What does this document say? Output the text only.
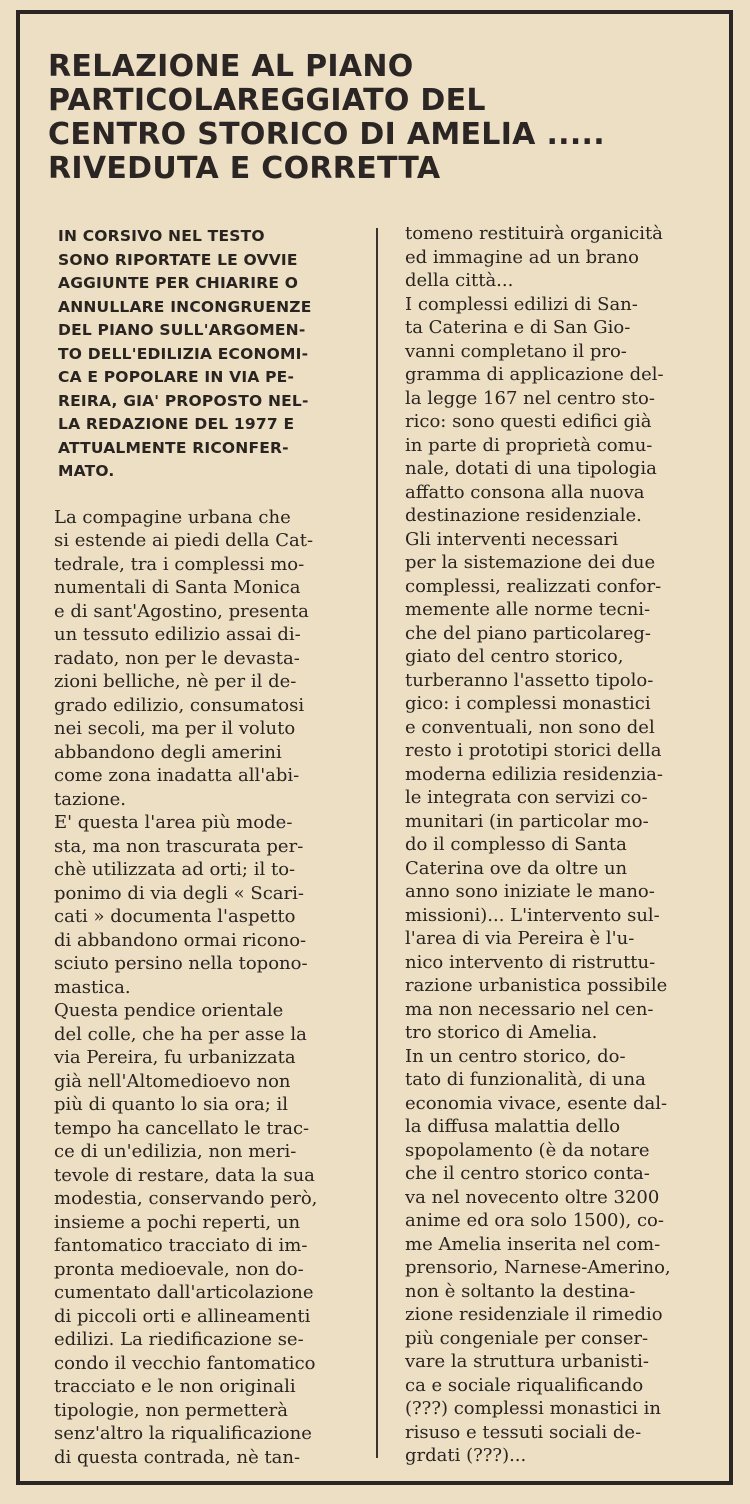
RELAZIONE AL PIANO
PARTICOLAREGGIATO DEL
CENTRO STORICO DI AMELIA .....
RIVEDUTA E CORRETTA

IN CORSIVO NEL TESTO
SONO RIPORTATE LE OVVIE
AGGIUNTE PER CHIARIRE O
ANNULLARE INCONGRUENZE
DEL PIANO SULL'ARGOMEN-
TO DELL'EDILIZIA ECONOMI-
CA E POPOLARE IN VIA PE-
REIRA, GIA' PROPOSTO NEL-
LA REDAZIONE DEL 1977 E
ATTUALMENTE RICONFER-
MATO.

La compagine urbana che
si estende ai piedi della Cat-
tedrale, tra i complessi mo-
numentali di Santa Monica
e di sant'Agostino, presenta
un tessuto edilizio assai di-
radato, non per le devasta-
zioni belliche, nè per il de-
grado edilizio, consumatosi
nei secoli, ma per il voluto
abbandono degli amerini
come zona inadatta all'abi-
tazione.
E' questa l'area più mode-
sta, ma non trascurata per-
chè utilizzata ad orti; il to-
ponimo di via degli « Scari-
cati » documenta l'aspetto
di abbandono ormai ricono-
sciuto persino nella topono-
mastica.
Questa pendice orientale
del colle, che ha per asse la
via Pereira, fu urbanizzata
già nell'Altomedioevo non
più di quanto lo sia ora; il
tempo ha cancellato le trac-
ce di un'edilizia, non meri-
tevole di restare, data la sua
modestia, conservando però,
insieme a pochi reperti, un
fantomatico tracciato di im-
pronta medioevale, non do-
cumentato dall'articolazione
di piccoli orti e allineamenti
edilizi. La riedificazione se-
condo il vecchio fantomatico
tracciato e le non originali
tipologie, non permetterà
senz'altro la riqualificazione
di questa contrada, nè tan-

tomeno restituirà organicità
ed immagine ad un brano
della città...
I complessi edilizi di San-
ta Caterina e di San Gio-
vanni completano il pro-
gramma di applicazione del-
la legge 167 nel centro sto-
rico: sono questi edifici già
in parte di proprietà comu-
nale, dotati di una tipologia
affatto consona alla nuova
destinazione residenziale.
Gli interventi necessari
per la sistemazione dei due
complessi, realizzati confor-
memente alle norme tecni-
che del piano particolareg-
giato del centro storico,
turberanno l'assetto tipolo-
gico: i complessi monastici
e conventuali, non sono del
resto i prototipi storici della
moderna edilizia residenzia-
le integrata con servizi co-
munitari (in particolar mo-
do il complesso di Santa
Caterina ove da oltre un
anno sono iniziate le mano-
missioni)... L'intervento sul-
l'area di via Pereira è l'u-
nico intervento di ristruttu-
razione urbanistica possibile
ma non necessario nel cen-
tro storico di Amelia.
In un centro storico, do-
tato di funzionalità, di una
economia vivace, esente dal-
la diffusa malattia dello
spopolamento (è da notare
che il centro storico conta-
va nel novecento oltre 3200
anime ed ora solo 1500), co-
me Amelia inserita nel com-
prensorio, Narnese-Amerino,
non è soltanto la destina-
zione residenziale il rimedio
più congeniale per conser-
vare la struttura urbanisti-
ca e sociale riqualificando
(???) complessi monastici in
risuso e tessuti sociali de-
grdati (???)...
